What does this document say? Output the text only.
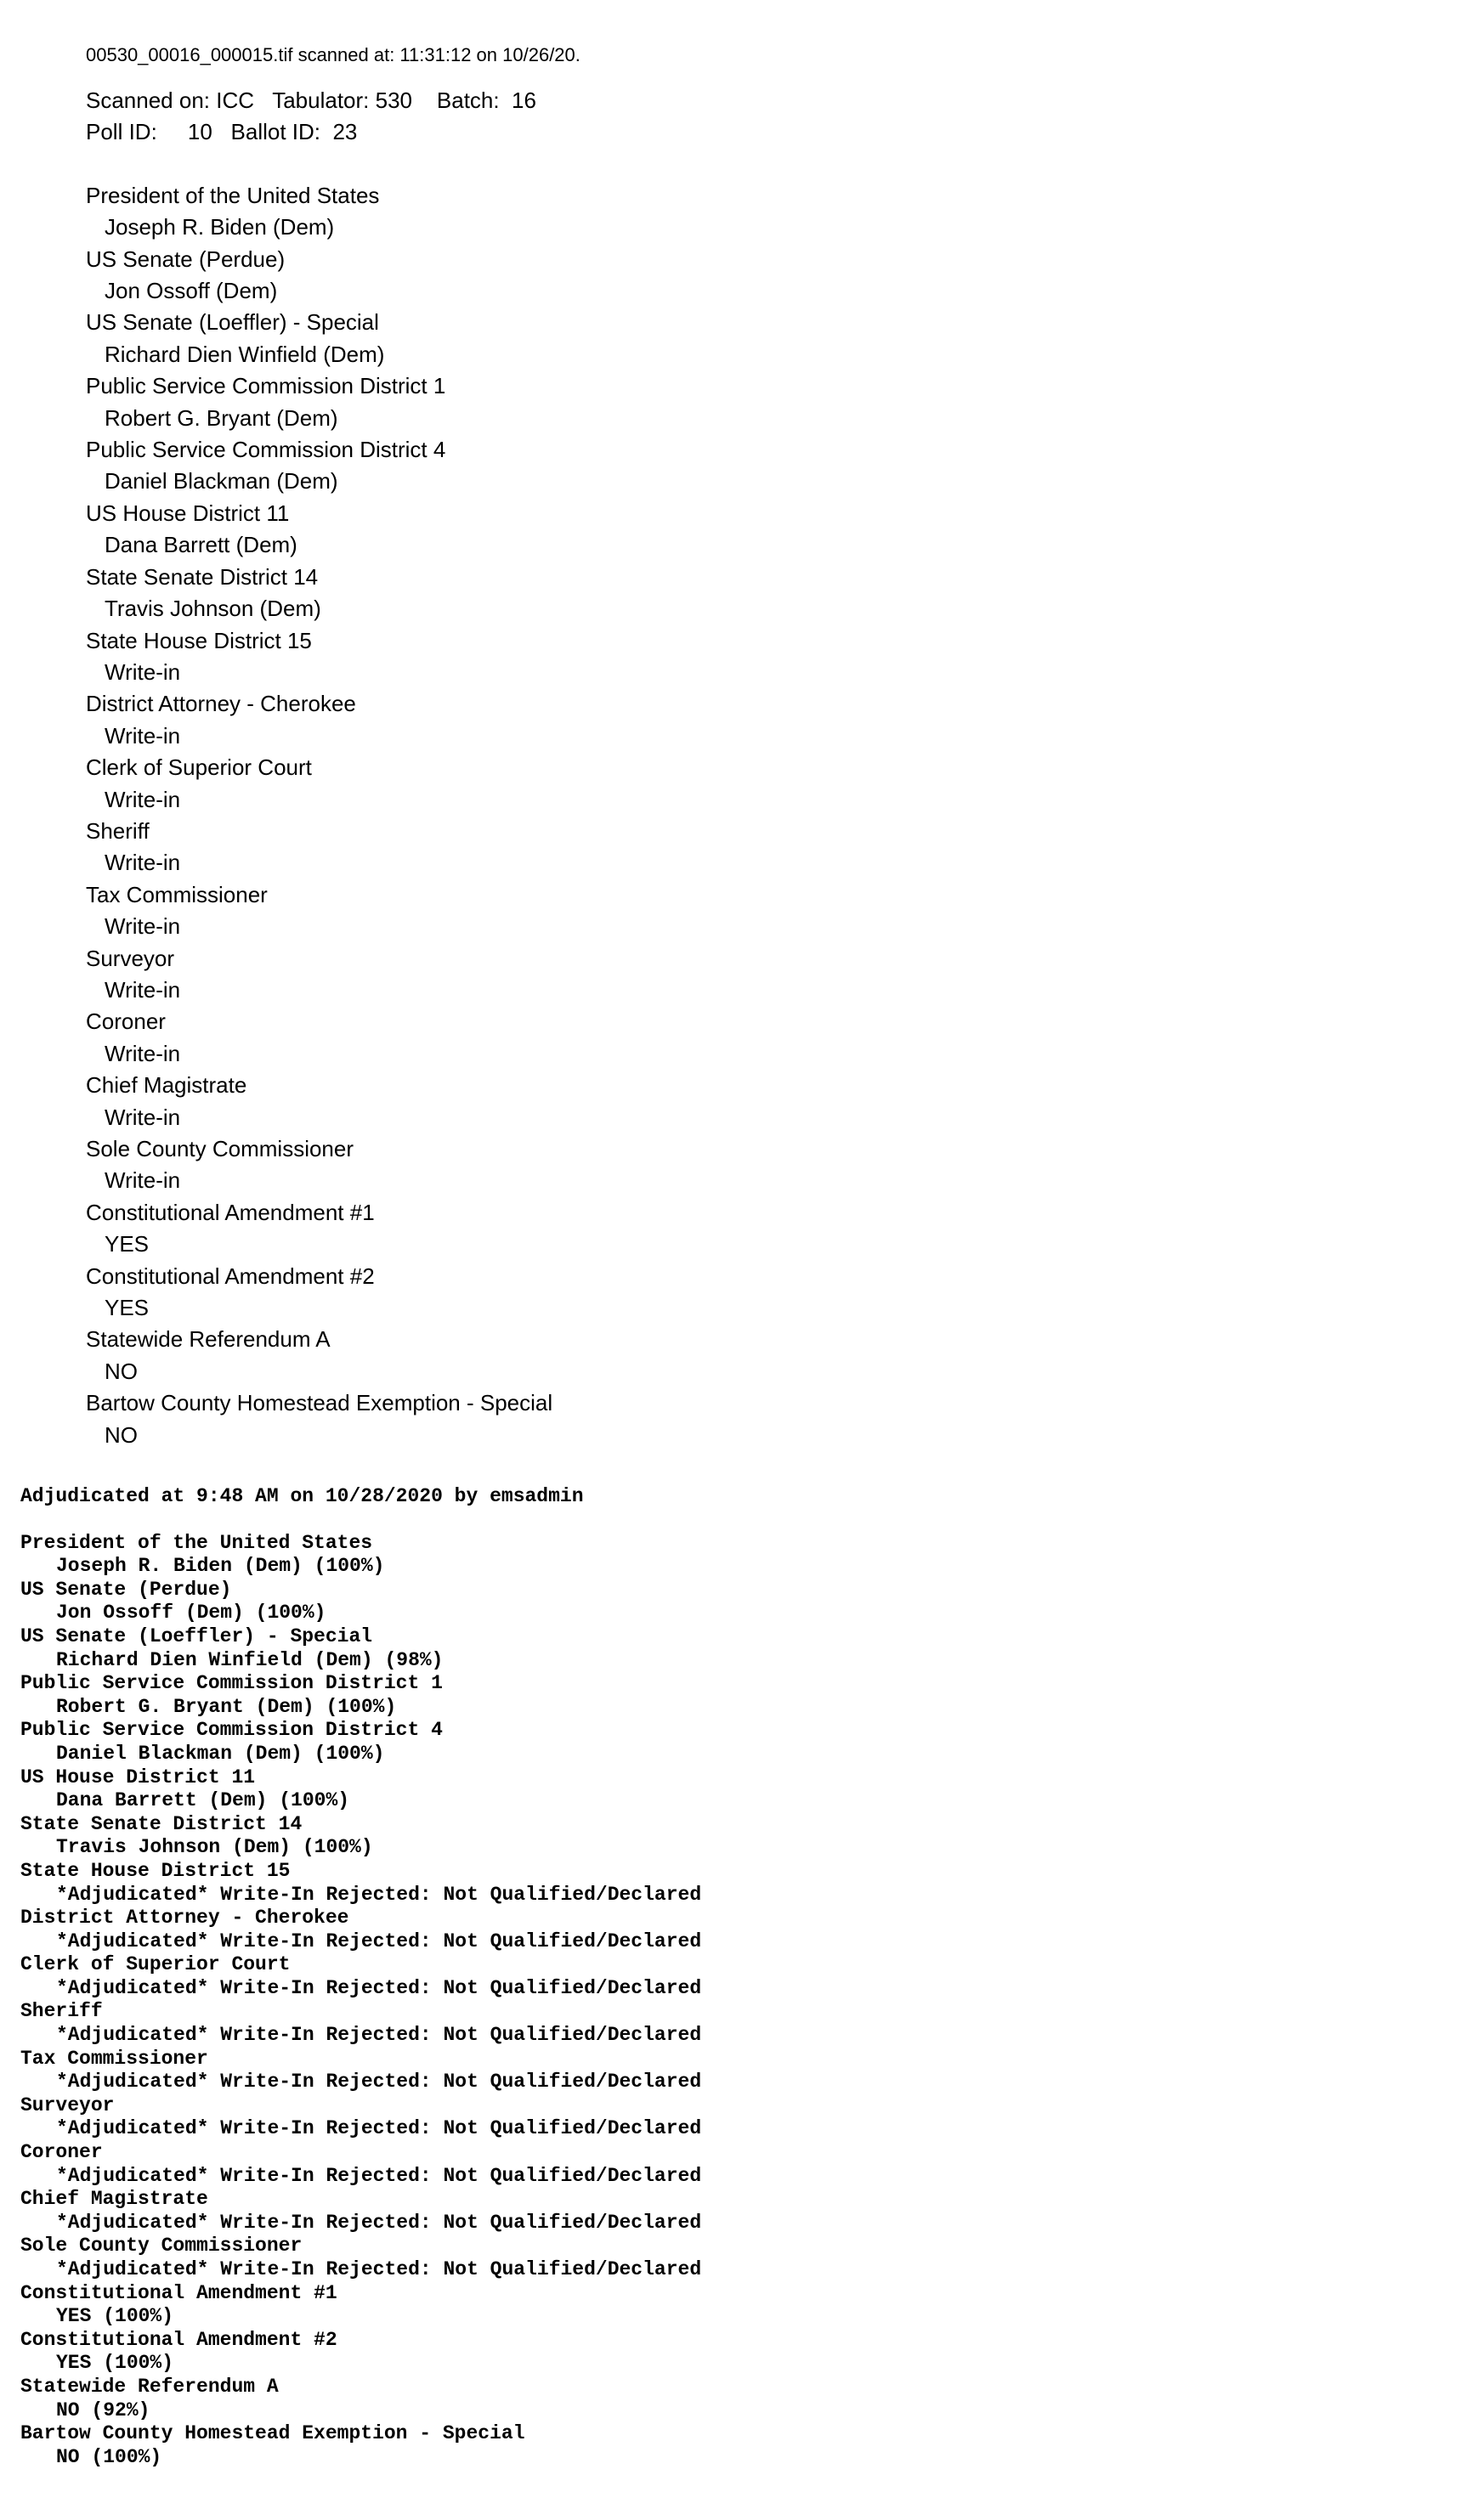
00530_00016_000015.tif scanned at: 11:31:12 on 10/26/20.
Scanned on: ICC   Tabulator: 530    Batch:  16
Poll ID:     10   Ballot ID:  23
President of the United States
Joseph R. Biden (Dem)
US Senate (Perdue)
Jon Ossoff (Dem)
US Senate (Loeffler) - Special
Richard Dien Winfield (Dem)
Public Service Commission District 1
Robert G. Bryant (Dem)
Public Service Commission District 4
Daniel Blackman (Dem)
US House District 11
Dana Barrett (Dem)
State Senate District 14
Travis Johnson (Dem)
State House District 15
Write-in
District Attorney - Cherokee
Write-in
Clerk of Superior Court
Write-in
Sheriff
Write-in
Tax Commissioner
Write-in
Surveyor
Write-in
Coroner
Write-in
Chief Magistrate
Write-in
Sole County Commissioner
Write-in
Constitutional Amendment #1
YES
Constitutional Amendment #2
YES
Statewide Referendum A
NO
Bartow County Homestead Exemption - Special
NO
Adjudicated at 9:48 AM on 10/28/2020 by emsadmin
President of the United States
Joseph R. Biden (Dem) (100%)
US Senate (Perdue)
Jon Ossoff (Dem) (100%)
US Senate (Loeffler) - Special
Richard Dien Winfield (Dem) (98%)
Public Service Commission District 1
Robert G. Bryant (Dem) (100%)
Public Service Commission District 4
Daniel Blackman (Dem) (100%)
US House District 11
Dana Barrett (Dem) (100%)
State Senate District 14
Travis Johnson (Dem) (100%)
State House District 15
*Adjudicated* Write-In Rejected: Not Qualified/Declared
District Attorney - Cherokee
*Adjudicated* Write-In Rejected: Not Qualified/Declared
Clerk of Superior Court
*Adjudicated* Write-In Rejected: Not Qualified/Declared
Sheriff
*Adjudicated* Write-In Rejected: Not Qualified/Declared
Tax Commissioner
*Adjudicated* Write-In Rejected: Not Qualified/Declared
Surveyor
*Adjudicated* Write-In Rejected: Not Qualified/Declared
Coroner
*Adjudicated* Write-In Rejected: Not Qualified/Declared
Chief Magistrate
*Adjudicated* Write-In Rejected: Not Qualified/Declared
Sole County Commissioner
*Adjudicated* Write-In Rejected: Not Qualified/Declared
Constitutional Amendment #1
YES (100%)
Constitutional Amendment #2
YES (100%)
Statewide Referendum A
NO (92%)
Bartow County Homestead Exemption - Special
NO (100%)
